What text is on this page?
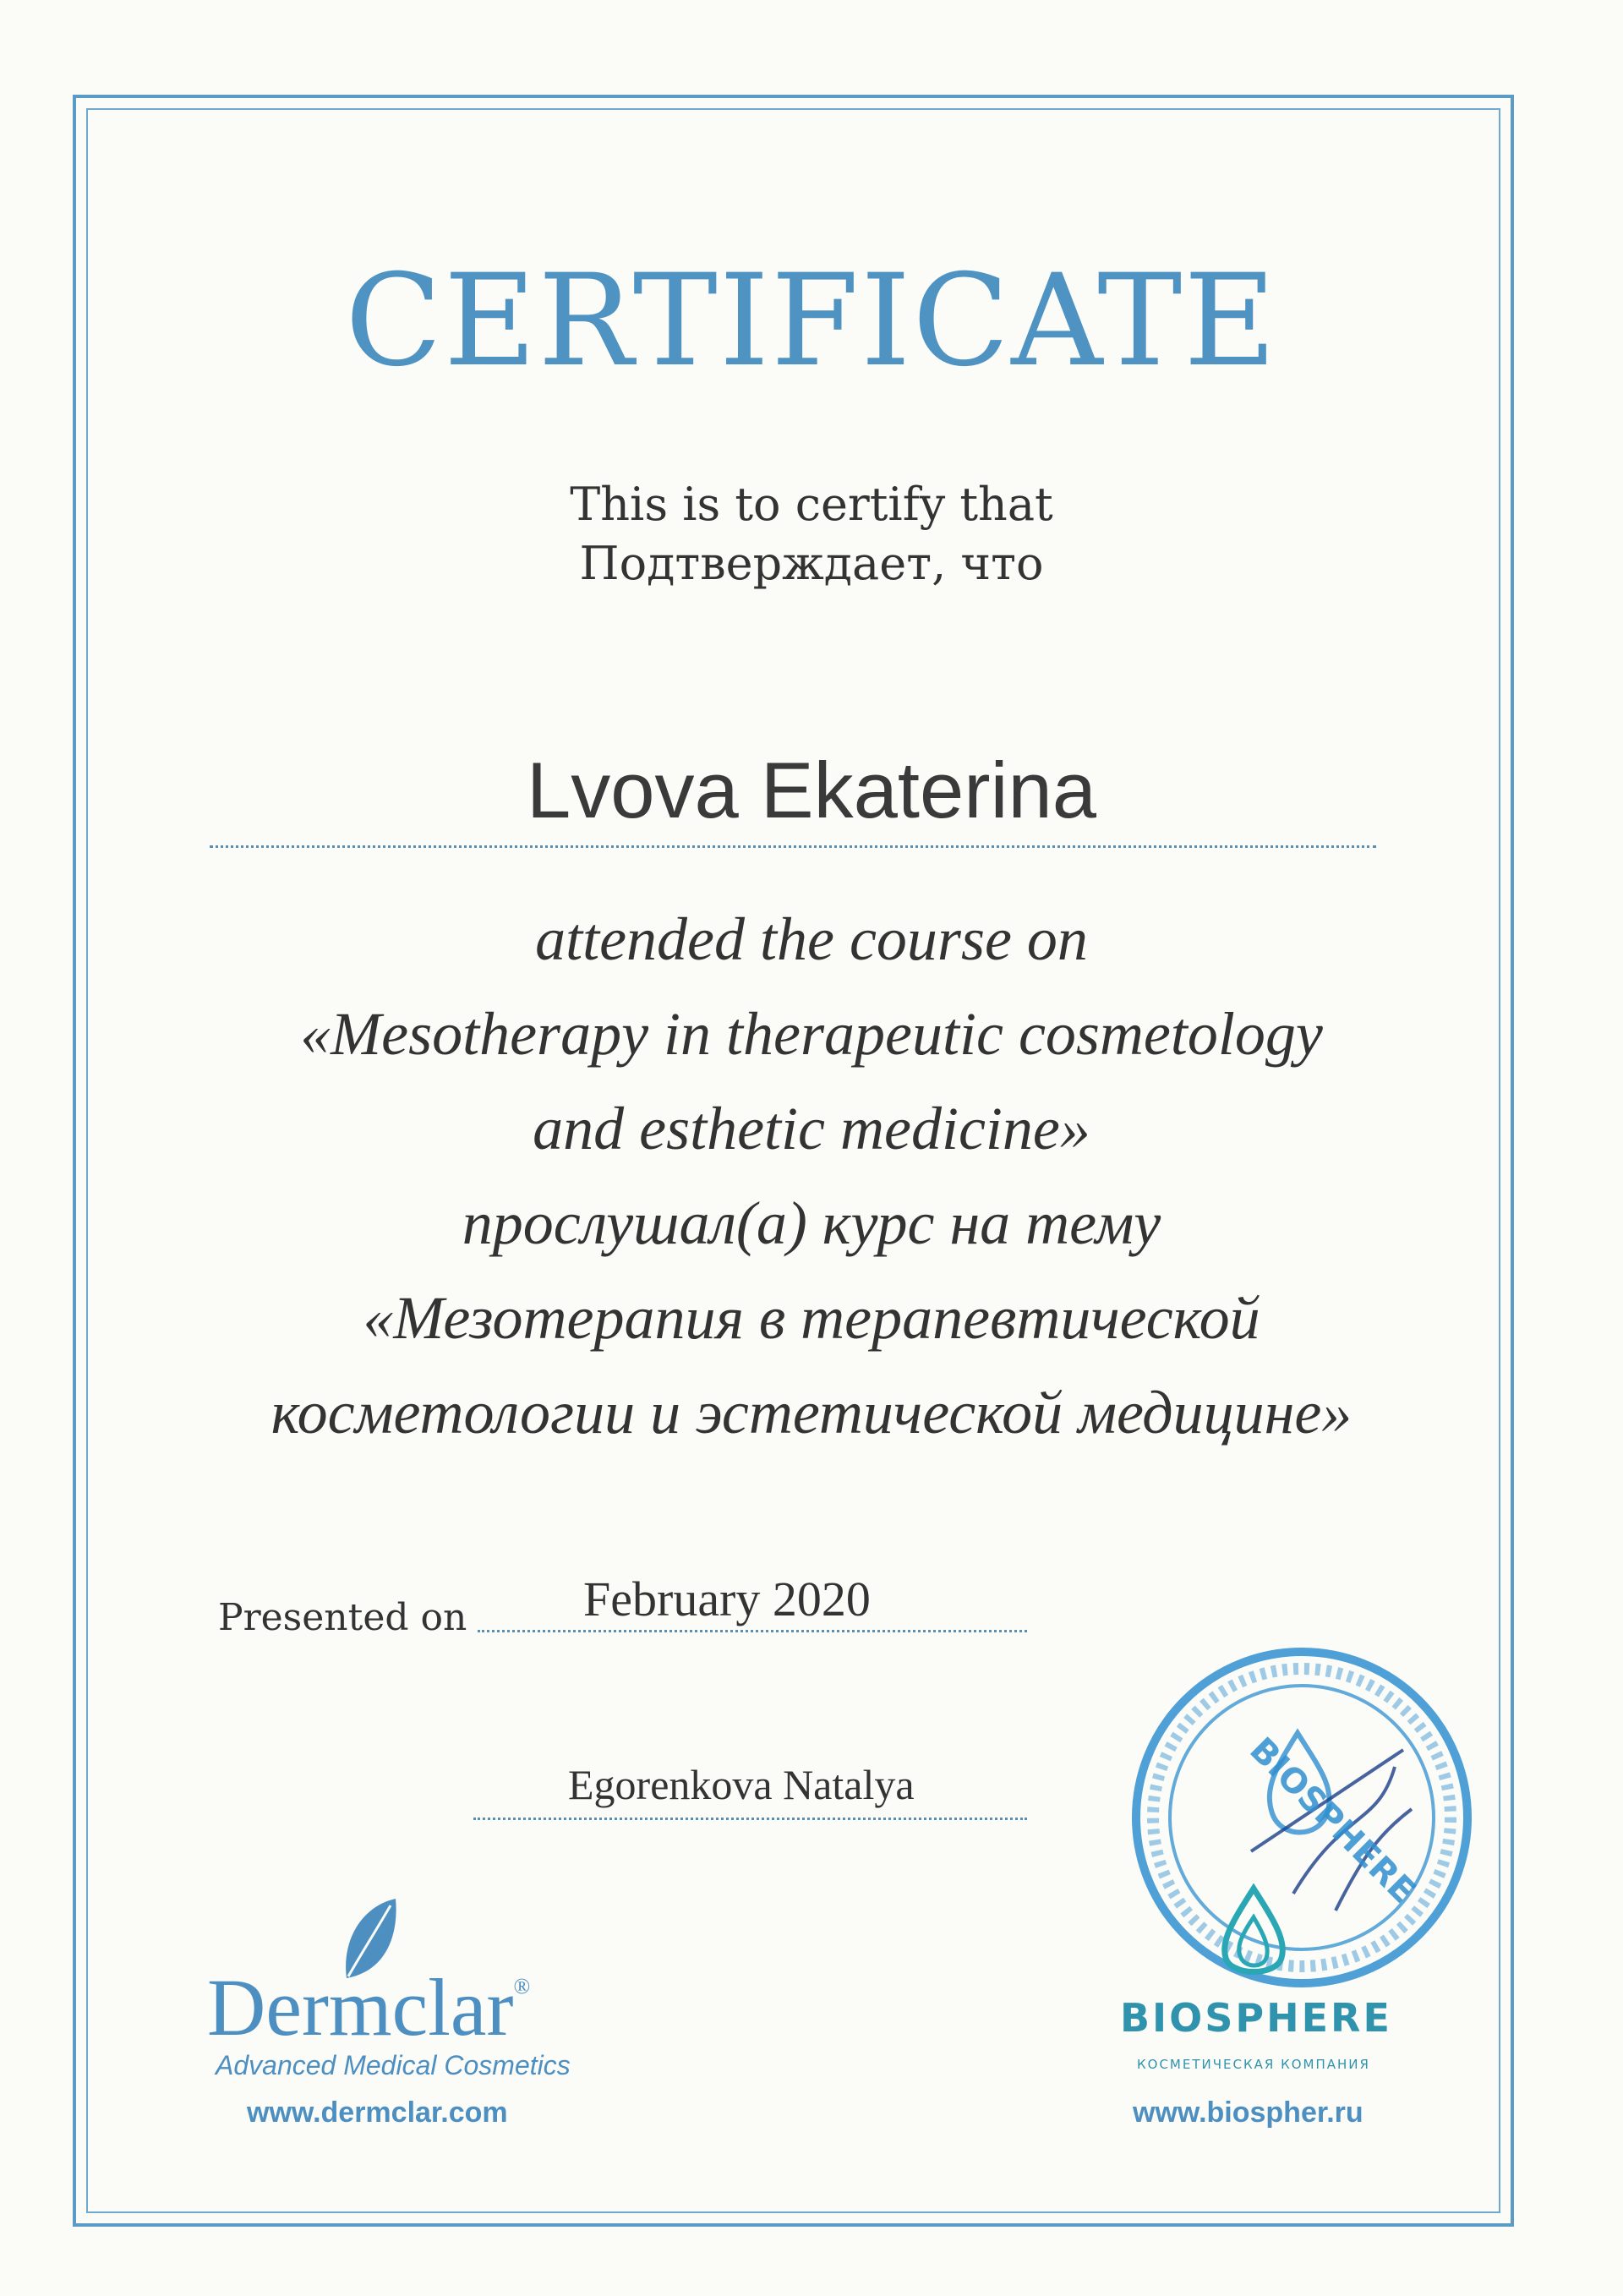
CERTIFICATE
This is to certify that
Подтверждает, что
Lvova Ekaterina
attended the course on
«Mesotherapy in therapeutic cosmetology
and esthetic medicine»
прослушал(а) курс на тему
«Мезотерапия в терапевтической
косметологии и эстетической медицине»
Presented on February 2020
Egorenkova Natalya	BIOSPHERE
Dermclar®
Advanced Medical Cosmetics
www.dermclar.com
BIOSPHERE
КОСМЕТИЧЕСКАЯ КОМПАНИЯ
www.biospher.ru
